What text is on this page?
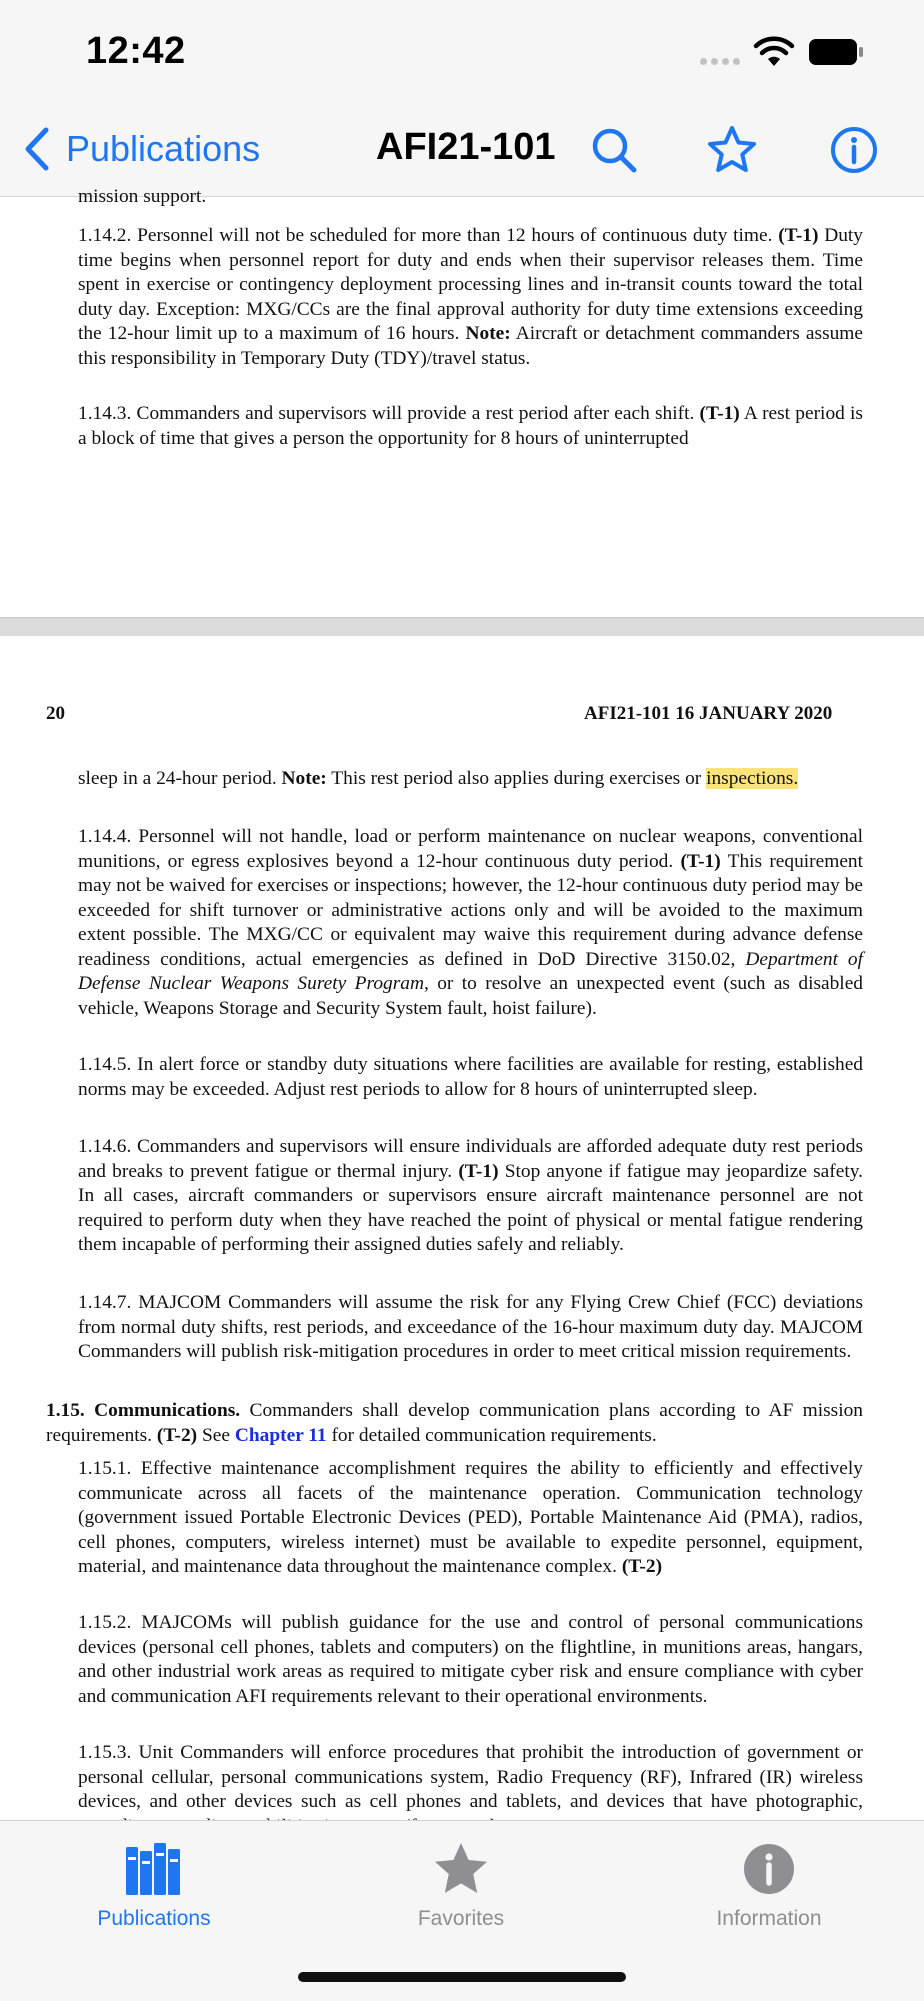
12:42
Publications	AFI21-101
mission support.

1.14.2. Personnel will not be scheduled for more than 12 hours of continuous duty time. (T-1) Duty time begins when personnel report for duty and ends when their supervisor releases them. Time spent in exercise or contingency deployment processing lines and in-transit counts toward the total duty day. Exception: MXG/CCs are the final approval authority for duty time extensions exceeding the 12-hour limit up to a maximum of 16 hours. Note: Aircraft or detachment commanders assume this responsibility in Temporary Duty (TDY)/travel status.

1.14.3. Commanders and supervisors will provide a rest period after each shift. (T-1) A rest period is a block of time that gives a person the opportunity for 8 hours of uninterrupted

20	AFI21-101 16 JANUARY 2020

sleep in a 24-hour period. Note: This rest period also applies during exercises or inspections.

1.14.4. Personnel will not handle, load or perform maintenance on nuclear weapons, conventional munitions, or egress explosives beyond a 12-hour continuous duty period. (T-1) This requirement may not be waived for exercises or inspections; however, the 12-hour continuous duty period may be exceeded for shift turnover or administrative actions only and will be avoided to the maximum extent possible. The MXG/CC or equivalent may waive this requirement during advance defense readiness conditions, actual emergencies as defined in DoD Directive 3150.02, Department of Defense Nuclear Weapons Surety Program, or to resolve an unexpected event (such as disabled vehicle, Weapons Storage and Security System fault, hoist failure).

1.14.5. In alert force or standby duty situations where facilities are available for resting, established norms may be exceeded. Adjust rest periods to allow for 8 hours of uninterrupted sleep.

1.14.6. Commanders and supervisors will ensure individuals are afforded adequate duty rest periods and breaks to prevent fatigue or thermal injury. (T-1) Stop anyone if fatigue may jeopardize safety. In all cases, aircraft commanders or supervisors ensure aircraft maintenance personnel are not required to perform duty when they have reached the point of physical or mental fatigue rendering them incapable of performing their assigned duties safely and reliably.

1.14.7. MAJCOM Commanders will assume the risk for any Flying Crew Chief (FCC) deviations from normal duty shifts, rest periods, and exceedance of the 16-hour maximum duty day. MAJCOM Commanders will publish risk-mitigation procedures in order to meet critical mission requirements.

1.15. Communications. Commanders shall develop communication plans according to AF mission requirements. (T-2) See Chapter 11 for detailed communication requirements.

1.15.1. Effective maintenance accomplishment requires the ability to efficiently and effectively communicate across all facets of the maintenance operation. Communication technology (government issued Portable Electronic Devices (PED), Portable Maintenance Aid (PMA), radios, cell phones, computers, wireless internet) must be available to expedite personnel, equipment, material, and maintenance data throughout the maintenance complex. (T-2)

1.15.2. MAJCOMs will publish guidance for the use and control of personal communications devices (personal cell phones, tablets and computers) on the flightline, in munitions areas, hangars, and other industrial work areas as required to mitigate cyber risk and ensure compliance with cyber and communication AFI requirements relevant to their operational environments.

1.15.3. Unit Commanders will enforce procedures that prohibit the introduction of government or personal cellular, personal communications system, Radio Frequency (RF), Infrared (IR) wireless devices, and other devices such as cell phones and tablets, and devices that have photographic,

Publications	Favorites	Information
